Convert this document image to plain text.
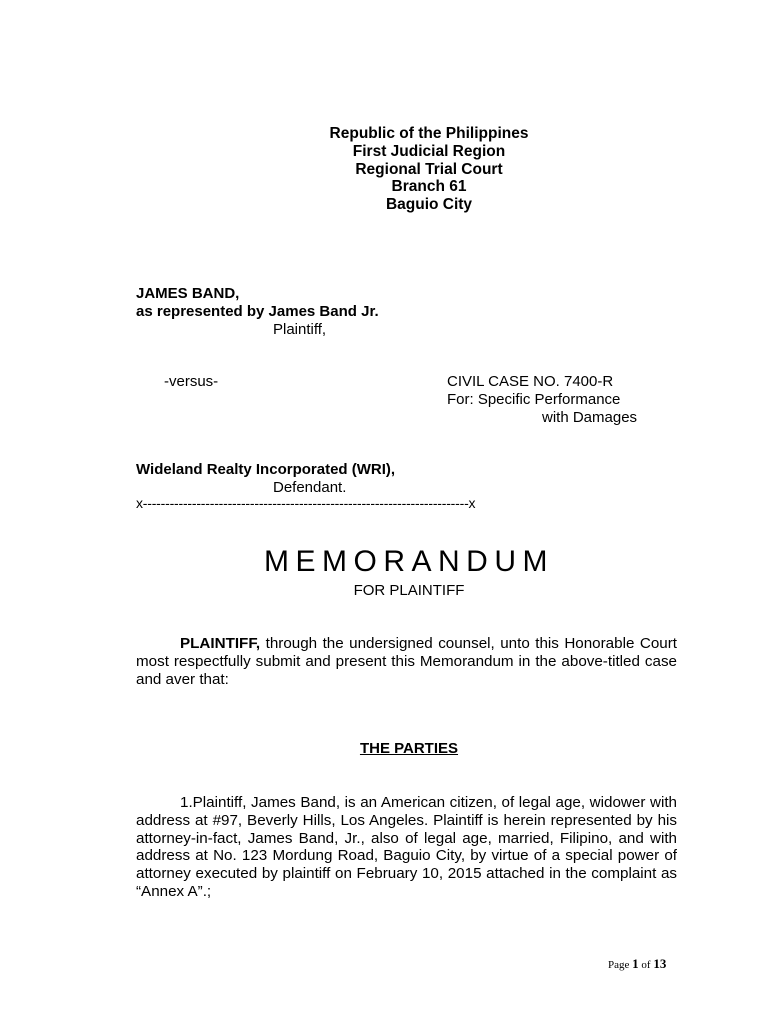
Republic of the Philippines
First Judicial Region
Regional Trial Court
Branch 61
Baguio City
JAMES BAND,
as represented by James Band Jr.
Plaintiff,
-versus-	CIVIL CASE NO. 7400-R
For: Specific Performance
with Damages
Wideland Realty Incorporated (WRI),
Defendant.
x-------------------------------------------------------------------------x
MEMORANDUM
FOR PLAINTIFF
PLAINTIFF, through the undersigned counsel, unto this Honorable Court most respectfully submit and present this Memorandum in the above-titled case and aver that:
THE PARTIES
1.Plaintiff, James Band, is an American citizen, of legal age, widower with address at #97, Beverly Hills, Los Angeles. Plaintiff is herein represented by his attorney-in-fact, James Band, Jr., also of legal age, married, Filipino, and with address at No. 123 Mordung Road, Baguio City, by virtue of a special power of attorney executed by plaintiff on February 10, 2015 attached in the complaint as “Annex A”.;
Page 1 of 13
